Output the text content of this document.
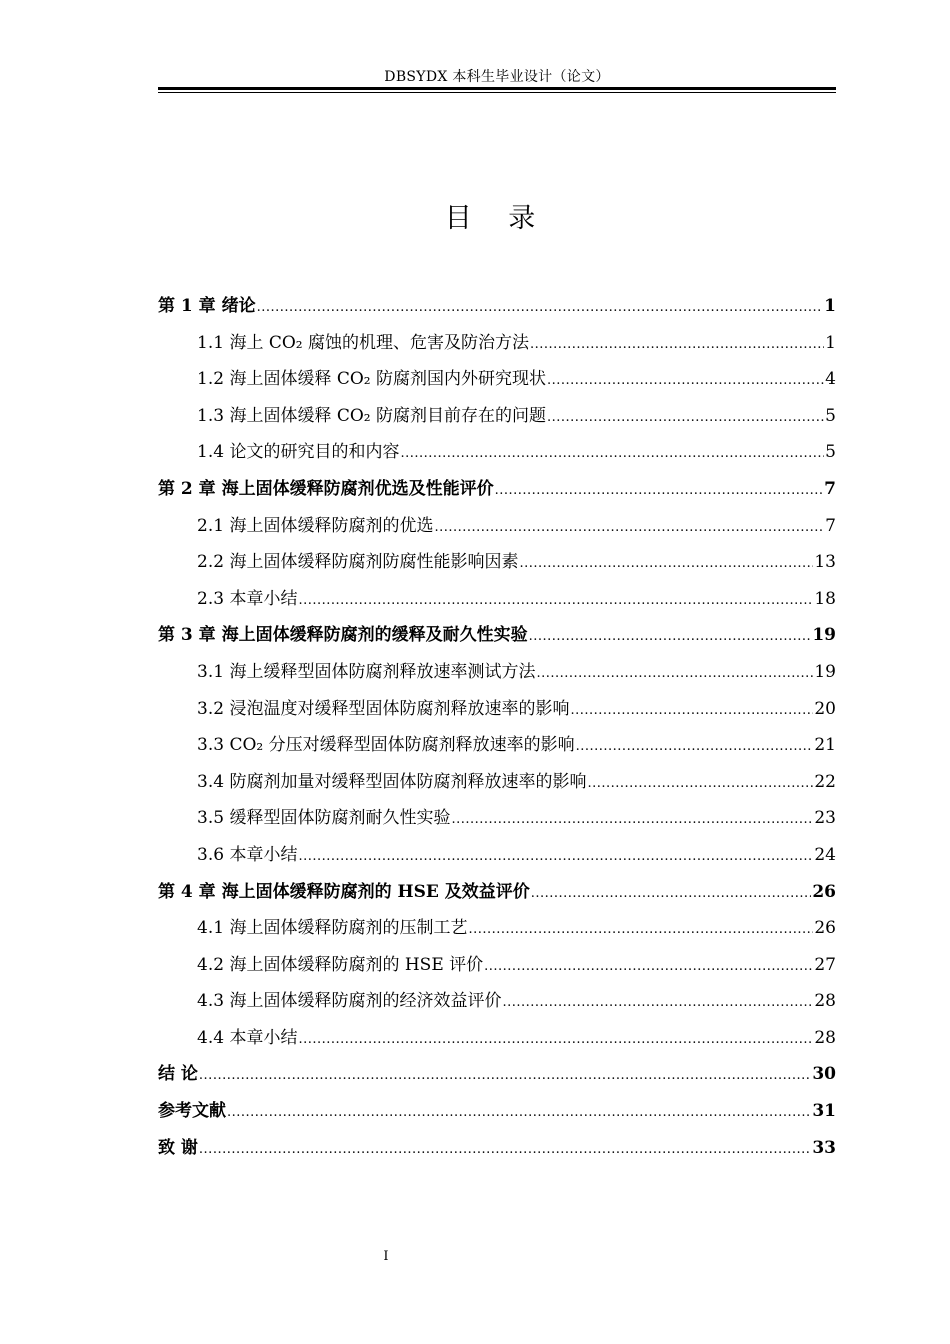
DBSYDX 本科生毕业设计（论文）
目 录
第 1 章 绪论 .....	1
1.1 海上 CO₂ 腐蚀的机理、危害及防治方法 .....	1
1.2 海上固体缓释 CO₂ 防腐剂国内外研究现状 .....	4
1.3 海上固体缓释 CO₂ 防腐剂目前存在的问题 .....	5
1.4 论文的研究目的和内容 .....	5
第 2 章 海上固体缓释防腐剂优选及性能评价 .....	7
2.1 海上固体缓释防腐剂的优选 .....	7
2.2 海上固体缓释防腐剂防腐性能影响因素 .....	13
2.3 本章小结 .....	18
第 3 章 海上固体缓释防腐剂的缓释及耐久性实验 .....	19
3.1 海上缓释型固体防腐剂释放速率测试方法 .....	19
3.2 浸泡温度对缓释型固体防腐剂释放速率的影响 .....	20
3.3 CO₂ 分压对缓释型固体防腐剂释放速率的影响 .....	21
3.4 防腐剂加量对缓释型固体防腐剂释放速率的影响 .....	22
3.5 缓释型固体防腐剂耐久性实验 .....	23
3.6 本章小结 .....	24
第 4 章 海上固体缓释防腐剂的 HSE 及效益评价 .....	26
4.1 海上固体缓释防腐剂的压制工艺 .....	26
4.2 海上固体缓释防腐剂的 HSE 评价 .....	27
4.3 海上固体缓释防腐剂的经济效益评价 .....	28
4.4 本章小结 .....	28
结 论 .....	30
参考文献 .....	31
致 谢 .....	33
I
